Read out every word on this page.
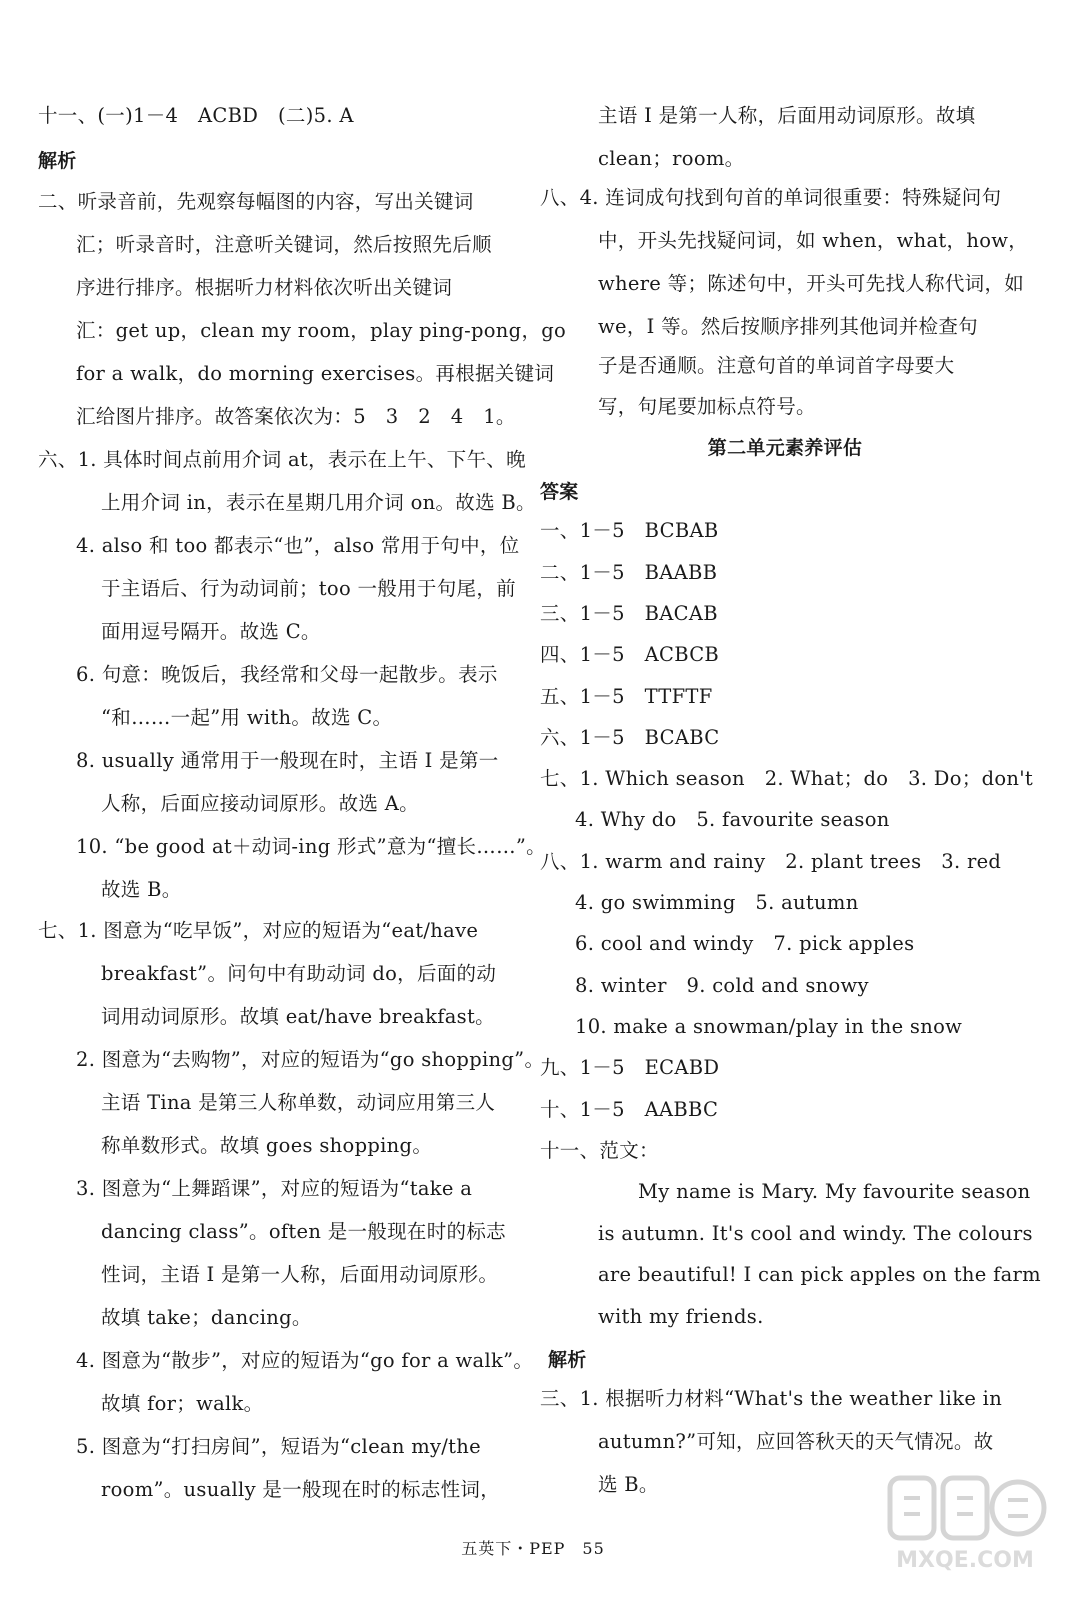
十一、(一)1－4　ACBD　(二)5. A
解析
二、听录音前，先观察每幅图的内容，写出关键词
汇；听录音时，注意听关键词，然后按照先后顺
序进行排序。根据听力材料依次听出关键词
汇：get up，clean my room，play ping-pong，go
for a walk，do morning exercises。再根据关键词
汇给图片排序。故答案依次为：5　3　2　4　1。
六、1. 具体时间点前用介词 at，表示在上午、下午、晚
上用介词 in，表示在星期几用介词 on。故选 B。
4. also 和 too 都表示“也”，also 常用于句中，位
于主语后、行为动词前；too 一般用于句尾，前
面用逗号隔开。故选 C。
6. 句意：晚饭后，我经常和父母一起散步。表示
“和……一起”用 with。故选 C。
8. usually 通常用于一般现在时，主语 I 是第一
人称，后面应接动词原形。故选 A。
10. “be good at＋动词-ing 形式”意为“擅长……”。
故选 B。
七、1. 图意为“吃早饭”，对应的短语为“eat/have
breakfast”。问句中有助动词 do，后面的动
词用动词原形。故填 eat/have breakfast。
2. 图意为“去购物”，对应的短语为“go shopping”。
主语 Tina 是第三人称单数，动词应用第三人
称单数形式。故填 goes shopping。
3. 图意为“上舞蹈课”，对应的短语为“take a
dancing class”。often 是一般现在时的标志
性词，主语 I 是第一人称，后面用动词原形。
故填 take；dancing。
4. 图意为“散步”，对应的短语为“go for a walk”。
故填 for；walk。
5. 图意为“打扫房间”，短语为“clean my/the
room”。usually 是一般现在时的标志性词，
主语 I 是第一人称，后面用动词原形。故填
clean；room。
八、4. 连词成句找到句首的单词很重要：特殊疑问句
中，开头先找疑问词，如 when，what，how，
where 等；陈述句中，开头可先找人称代词，如
we，I 等。然后按顺序排列其他词并检查句
子是否通顺。注意句首的单词首字母要大
写，句尾要加标点符号。
第二单元素养评估
答案
一、1－5　BCBAB
二、1－5　BAABB
三、1－5　BACAB
四、1－5　ACBCB
五、1－5　TTFTF
六、1－5　BCABC
七、1. Which season　2. What；do　3. Do；don't
4. Why do　5. favourite season
八、1. warm and rainy　2. plant trees　3. red
4. go swimming　5. autumn
6. cool and windy　7. pick apples
8. winter　9. cold and snowy
10. make a snowman/play in the snow
九、1－5　ECABD
十、1－5　AABBC
十一、范文：
My name is Mary. My favourite season
is autumn. It's cool and windy. The colours
are beautiful! I can pick apples on the farm
with my friends.
解析
三、1. 根据听力材料“What's the weather like in
autumn?”可知，应回答秋天的天气情况。故
选 B。
五英下・PEP　55	MXQE.COM
